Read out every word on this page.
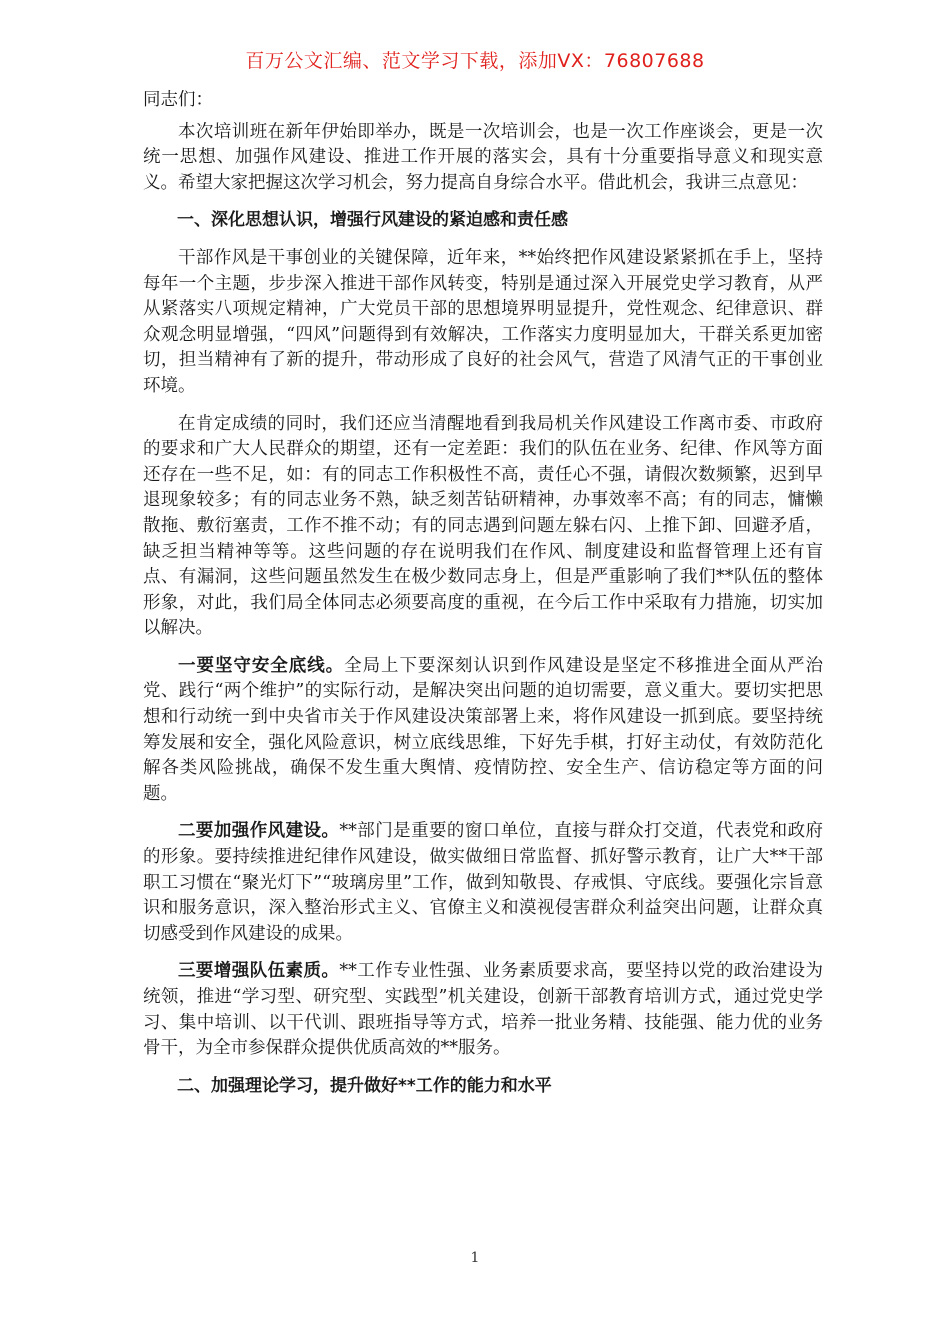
百万公文汇编、范文学习下载，添加VX：76807688

同志们：

本次培训班在新年伊始即举办，既是一次培训会，也是一次工作座谈会，更是一次统一思想、加强作风建设、推进工作开展的落实会，具有十分重要指导意义和现实意义。希望大家把握这次学习机会，努力提高自身综合水平。借此机会，我讲三点意见：

一、深化思想认识，增强行风建设的紧迫感和责任感

干部作风是干事创业的关键保障，近年来，**始终把作风建设紧紧抓在手上，坚持每年一个主题，步步深入推进干部作风转变，特别是通过深入开展党史学习教育，从严从紧落实八项规定精神，广大党员干部的思想境界明显提升，党性观念、纪律意识、群众观念明显增强，“四风”问题得到有效解决，工作落实力度明显加大，干群关系更加密切，担当精神有了新的提升，带动形成了良好的社会风气，营造了风清气正的干事创业环境。

在肯定成绩的同时，我们还应当清醒地看到我局机关作风建设工作离市委、市政府的要求和广大人民群众的期望，还有一定差距：我们的队伍在业务、纪律、作风等方面还存在一些不足，如：有的同志工作积极性不高，责任心不强，请假次数频繁，迟到早退现象较多；有的同志业务不熟，缺乏刻苦钻研精神，办事效率不高；有的同志，慵懒散拖、敷衍塞责，工作不推不动；有的同志遇到问题左躲右闪、上推下卸、回避矛盾，缺乏担当精神等等。这些问题的存在说明我们在作风、制度建设和监督管理上还有盲点、有漏洞，这些问题虽然发生在极少数同志身上，但是严重影响了我们**队伍的整体形象，对此，我们局全体同志必须要高度的重视，在今后工作中采取有力措施，切实加以解决。

一要坚守安全底线。全局上下要深刻认识到作风建设是坚定不移推进全面从严治党、践行“两个维护”的实际行动，是解决突出问题的迫切需要，意义重大。要切实把思想和行动统一到中央省市关于作风建设决策部署上来，将作风建设一抓到底。要坚持统筹发展和安全，强化风险意识，树立底线思维，下好先手棋，打好主动仗，有效防范化解各类风险挑战，确保不发生重大舆情、疫情防控、安全生产、信访稳定等方面的问题。

二要加强作风建设。**部门是重要的窗口单位，直接与群众打交道，代表党和政府的形象。要持续推进纪律作风建设，做实做细日常监督、抓好警示教育，让广大**干部职工习惯在“聚光灯下”“玻璃房里”工作，做到知敬畏、存戒惧、守底线。要强化宗旨意识和服务意识，深入整治形式主义、官僚主义和漠视侵害群众利益突出问题，让群众真切感受到作风建设的成果。

三要增强队伍素质。**工作专业性强、业务素质要求高，要坚持以党的政治建设为统领，推进“学习型、研究型、实践型”机关建设，创新干部教育培训方式，通过党史学习、集中培训、以干代训、跟班指导等方式，培养一批业务精、技能强、能力优的业务骨干，为全市参保群众提供优质高效的**服务。

二、加强理论学习，提升做好**工作的能力和水平

1
